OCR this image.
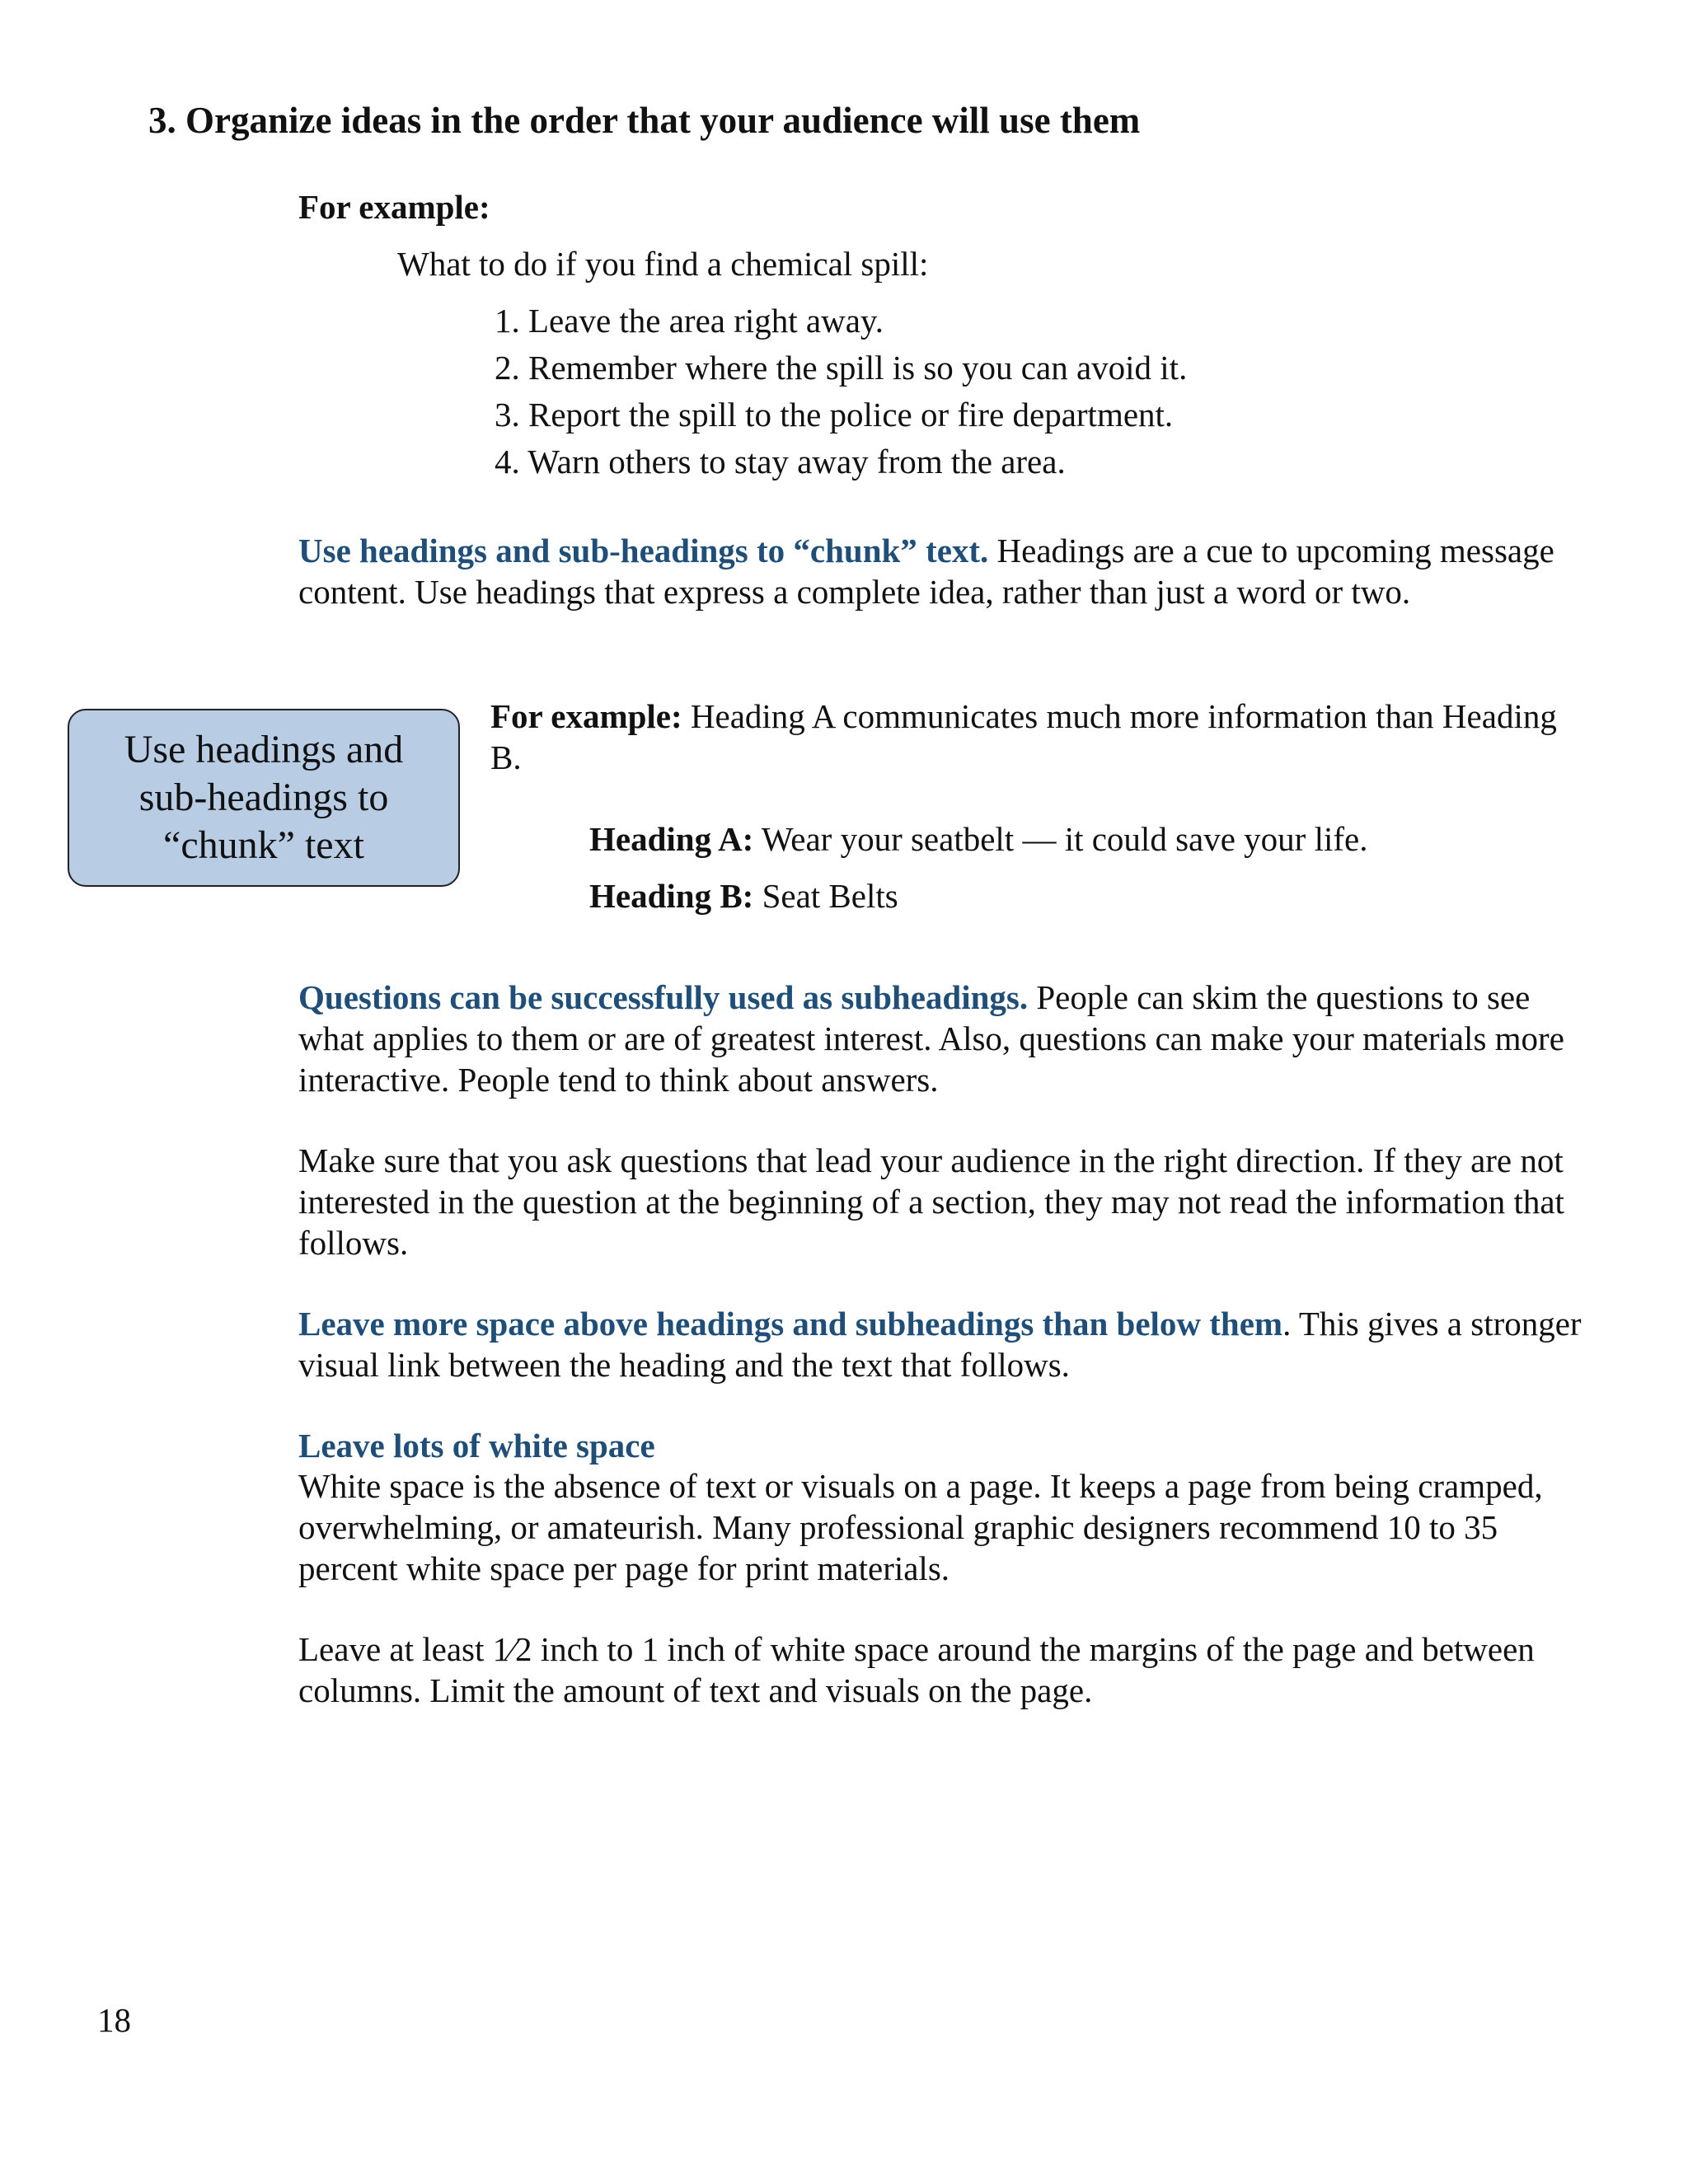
3. Organize ideas in the order that your audience will use them
For example:
What to do if you find a chemical spill:
1. Leave the area right away.
2. Remember where the spill is so you can avoid it.
3. Report the spill to the police or fire department.
4. Warn others to stay away from the area.
Use headings and sub-headings to “chunk” text. Headings are a cue to upcoming message content. Use headings that express a complete idea, rather than just a word or two.
Use headings and sub-headings to “chunk” text
For example: Heading A communicates much more information than Heading B.
Heading A: Wear your seatbelt — it could save your life.
Heading B: Seat Belts
Questions can be successfully used as subheadings. People can skim the questions to see what applies to them or are of greatest interest. Also, questions can make your materials more interactive. People tend to think about answers.
Make sure that you ask questions that lead your audience in the right direction. If they are not interested in the question at the beginning of a section, they may not read the information that follows.
Leave more space above headings and subheadings than below them. This gives a stronger visual link between the heading and the text that follows.
Leave lots of white space
White space is the absence of text or visuals on a page. It keeps a page from being cramped, overwhelming, or amateurish. Many professional graphic designers recommend 10 to 35 percent white space per page for print materials.
Leave at least 1⁄2 inch to 1 inch of white space around the margins of the page and between columns. Limit the amount of text and visuals on the page.
18
